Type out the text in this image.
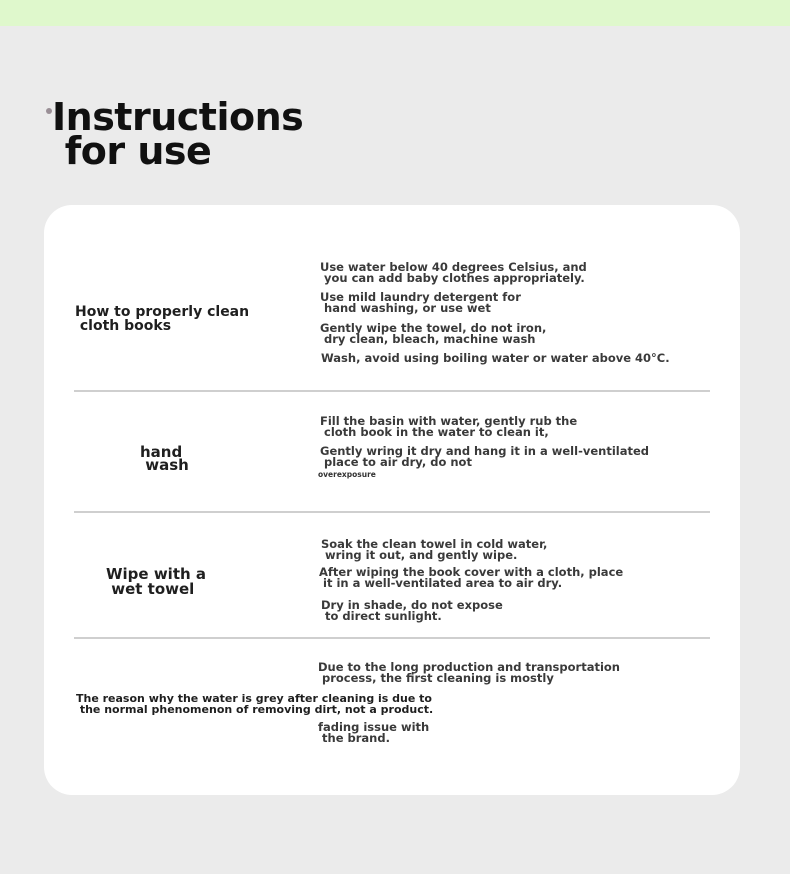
Instructions
for use
How to properly clean
cloth books
Use water below 40 degrees Celsius, and
you can add baby clothes appropriately.
Use mild laundry detergent for
hand washing, or use wet
Gently wipe the towel, do not iron,
dry clean, bleach, machine wash
Wash, avoid using boiling water or water above 40°C.
hand
wash
Fill the basin with water, gently rub the
cloth book in the water to clean it,
Gently wring it dry and hang it in a well-ventilated
place to air dry, do not
overexposure
Wipe with a
wet towel
Soak the clean towel in cold water,
wring it out, and gently wipe.
After wiping the book cover with a cloth, place
it in a well-ventilated area to air dry.
Dry in shade, do not expose
to direct sunlight.
The reason why the water is grey after cleaning is due to
the normal phenomenon of removing dirt, not a product.
Due to the long production and transportation
process, the first cleaning is mostly
fading issue with
the brand.
